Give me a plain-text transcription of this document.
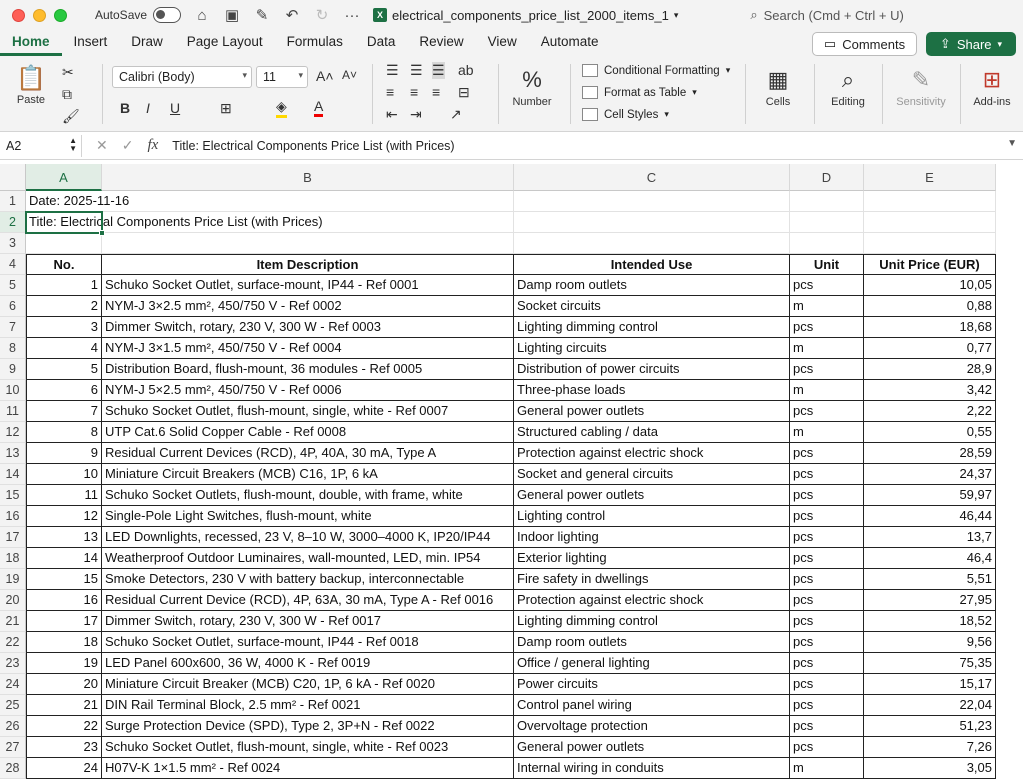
AutoSave	⌂ ▣ ✎ ↶ ↻ ···	X electrical_components_price_list_2000_items_1 ▾	⌕ Search (Cmd + Ctrl + U)
Home	Insert	Draw	Page Layout	Formulas	Data	Review	View	Automate	▭ Comments	⇪ Share ▾
📋
Paste
✂
⧉
🖌
Calibri (Body)	▾	11 ▾ A˄ A˅
B I U	⊞	◈ A
☰ ☰ ☰ ab
≡ ≡ ≡ ⊟
⇤ ⇥ ↗
%
Number
Conditional Formatting ▾
Format as Table ▾
Cell Styles ▾
▦
Cells
⌕
Editing
✎
Sensitivity
⊞
Add-ins
A2	▲
▼ ✕ ✓ fx Title: Electrical Components Price List (with Prices)	▼
A	B	C	D	E
1	Date: 2025-11-16
2	Title: Electrical Components Price List (with Prices)
3
4	No.	Item Description	Intended Use	Unit	Unit Price (EUR)
5	1 Schuko Socket Outlet, surface-mount, IP44 - Ref 0001	Damp room outlets	pcs	10,05
6	2 NYM-J 3×2.5 mm², 450/750 V - Ref 0002	Socket circuits	m	0,88
7	3 Dimmer Switch, rotary, 230 V, 300 W - Ref 0003	Lighting dimming control	pcs	18,68
8	4 NYM-J 3×1.5 mm², 450/750 V - Ref 0004	Lighting circuits	m	0,77
9	5 Distribution Board, flush-mount, 36 modules - Ref 0005	Distribution of power circuits	pcs	28,9
10	6 NYM-J 5×2.5 mm², 450/750 V - Ref 0006	Three-phase loads	m	3,42
11	7 Schuko Socket Outlet, flush-mount, single, white - Ref 0007	General power outlets	pcs	2,22
12	8 UTP Cat.6 Solid Copper Cable - Ref 0008	Structured cabling / data	m	0,55
13	9 Residual Current Devices (RCD), 4P, 40A, 30 mA, Type A	Protection against electric shock	pcs	28,59
14	10 Miniature Circuit Breakers (MCB) C16, 1P, 6 kA	Socket and general circuits	pcs	24,37
15	11 Schuko Socket Outlets, flush-mount, double, with frame, white	General power outlets	pcs	59,97
16	12 Single-Pole Light Switches, flush-mount, white	Lighting control	pcs	46,44
17	13 LED Downlights, recessed, 23 V, 8–10 W, 3000–4000 K, IP20/IP44	Indoor lighting	pcs	13,7
18	14 Weatherproof Outdoor Luminaires, wall-mounted, LED, min. IP54	Exterior lighting	pcs	46,4
19	15 Smoke Detectors, 230 V with battery backup, interconnectable	Fire safety in dwellings	pcs	5,51
20	16 Residual Current Device (RCD), 4P, 63A, 30 mA, Type A - Ref 0016	Protection against electric shock	pcs	27,95
21	17 Dimmer Switch, rotary, 230 V, 300 W - Ref 0017	Lighting dimming control	pcs	18,52
22	18 Schuko Socket Outlet, surface-mount, IP44 - Ref 0018	Damp room outlets	pcs	9,56
23	19 LED Panel 600x600, 36 W, 4000 K - Ref 0019	Office / general lighting	pcs	75,35
24	20 Miniature Circuit Breaker (MCB) C20, 1P, 6 kA - Ref 0020	Power circuits	pcs	15,17
25	21 DIN Rail Terminal Block, 2.5 mm² - Ref 0021	Control panel wiring	pcs	22,04
26	22 Surge Protection Device (SPD), Type 2, 3P+N - Ref 0022	Overvoltage protection	pcs	51,23
27	23 Schuko Socket Outlet, flush-mount, single, white - Ref 0023	General power outlets	pcs	7,26
28	24 H07V-K 1×1.5 mm² - Ref 0024	Internal wiring in conduits	m	3,05
